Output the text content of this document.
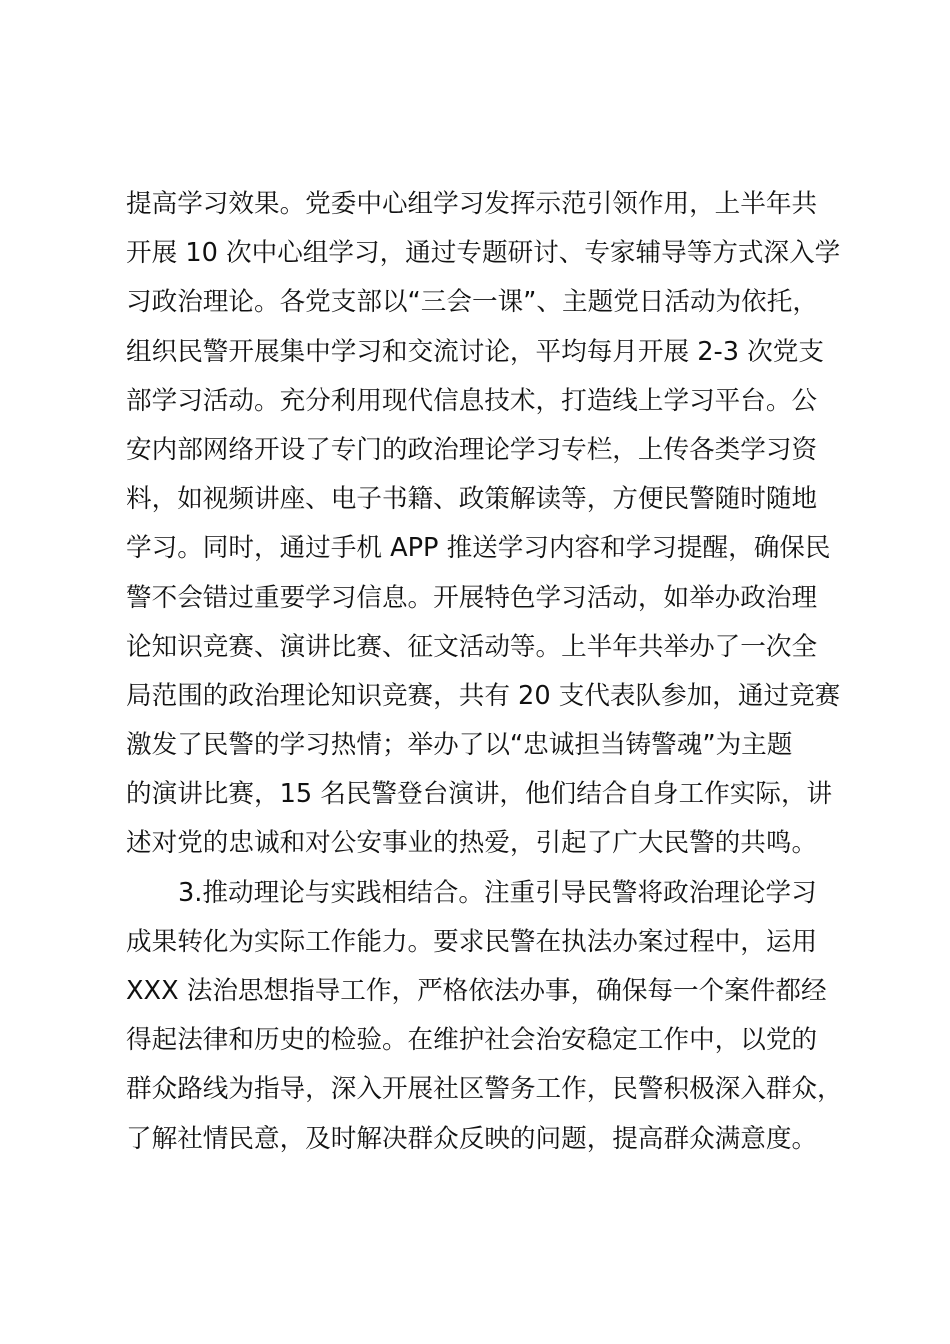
提高学习效果。党委中心组学习发挥示范引领作用，上半年共
开展 10 次中心组学习，通过专题研讨、专家辅导等方式深入学
习政治理论。各党支部以“三会一课”、主题党日活动为依托，
组织民警开展集中学习和交流讨论，平均每月开展 2-3 次党支
部学习活动。充分利用现代信息技术，打造线上学习平台。公
安内部网络开设了专门的政治理论学习专栏，上传各类学习资
料，如视频讲座、电子书籍、政策解读等，方便民警随时随地
学习。同时，通过手机 APP 推送学习内容和学习提醒，确保民
警不会错过重要学习信息。开展特色学习活动，如举办政治理
论知识竞赛、演讲比赛、征文活动等。上半年共举办了一次全
局范围的政治理论知识竞赛，共有 20 支代表队参加，通过竞赛
激发了民警的学习热情；举办了以“忠诚担当铸警魂”为主题
的演讲比赛，15 名民警登台演讲，他们结合自身工作实际，讲
述对党的忠诚和对公安事业的热爱，引起了广大民警的共鸣。
3.推动理论与实践相结合。注重引导民警将政治理论学习
成果转化为实际工作能力。要求民警在执法办案过程中，运用
XXX 法治思想指导工作，严格依法办事，确保每一个案件都经
得起法律和历史的检验。在维护社会治安稳定工作中，以党的
群众路线为指导，深入开展社区警务工作，民警积极深入群众，
了解社情民意，及时解决群众反映的问题，提高群众满意度。
